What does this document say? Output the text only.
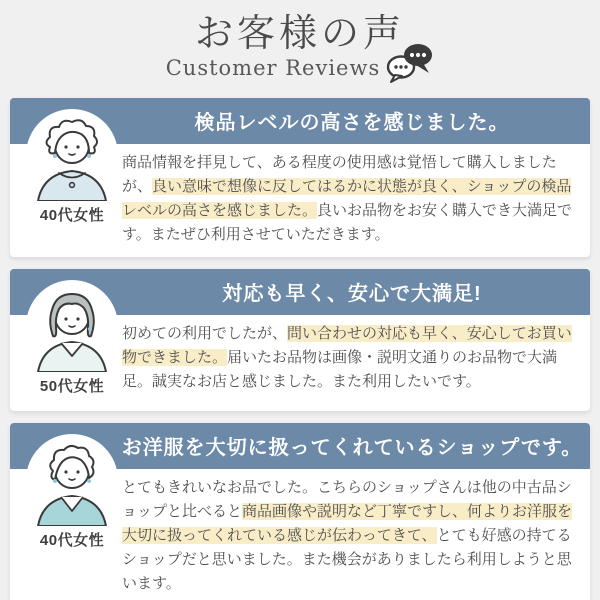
お客様の声
Customer Reviews
検品レベルの高さを感じました。
40代女性

商品情報を拝見して、ある程度の使用感は覚悟して購入しましたが、良い意味で想像に反してはるかに状態が良く、ショップの検品レベルの高さを感じました。良いお品物をお安く購入でき大満足です。またぜひ利用させていただきます。

対応も早く、安心で大満足!
50代女性

初めての利用でしたが、問い合わせの対応も早く、安心してお買い物できました。届いたお品物は画像・説明文通りのお品物で大満足。誠実なお店と感じました。また利用したいです。

お洋服を大切に扱ってくれているショップです。
40代女性

とてもきれいなお品でした。こちらのショップさんは他の中古品ショップと比べると商品画像や説明など丁寧ですし、何よりお洋服を大切に扱ってくれている感じが伝わってきて、とても好感の持てるショップだと思いました。また機会がありましたら利用しようと思います。
